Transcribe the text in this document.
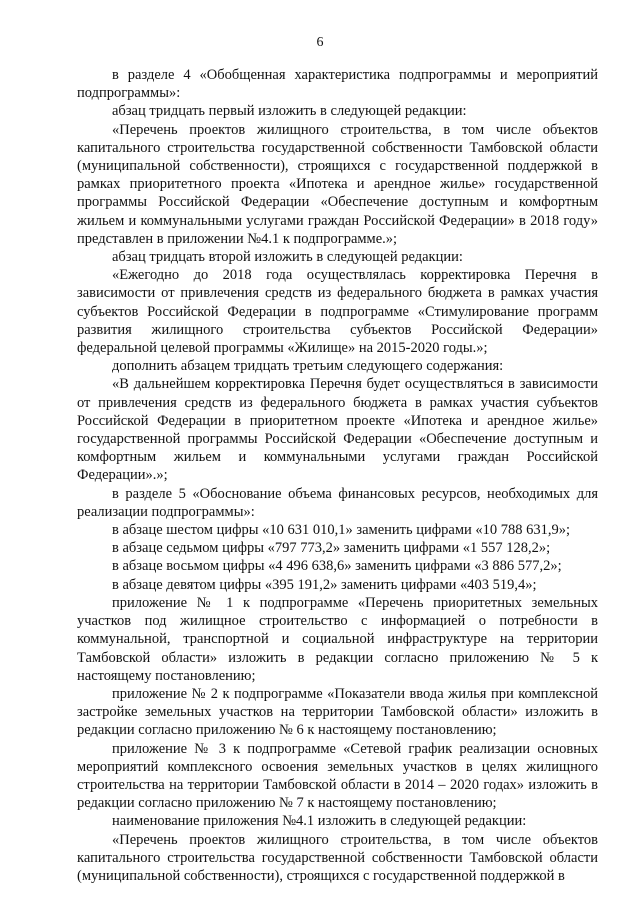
6

в разделе 4 «Обобщенная характеристика подпрограммы и мероприятий подпрограммы»:

абзац тридцать первый изложить в следующей редакции:

«Перечень проектов жилищного строительства, в том числе объектов капитального строительства государственной собственности Тамбовской области (муниципальной собственности), строящихся с государственной поддержкой в рамках приоритетного проекта «Ипотека и арендное жилье» государственной программы Российской Федерации «Обеспечение доступным и комфортным жильем и коммунальными услугами граждан Российской Федерации» в 2018 году» представлен в приложении №4.1 к подпрограмме.»;

абзац тридцать второй изложить в следующей редакции:

«Ежегодно до 2018 года осуществлялась корректировка Перечня в зависимости от привлечения средств из федерального бюджета в рамках участия субъектов Российской Федерации в подпрограмме «Стимулирование программ развития жилищного строительства субъектов Российской Федерации» федеральной целевой программы «Жилище» на 2015-2020 годы.»;

дополнить абзацем тридцать третьим следующего содержания:

«В дальнейшем корректировка Перечня будет осуществляться в зависимости от привлечения средств из федерального бюджета в рамках участия субъектов Российской Федерации в приоритетном проекте «Ипотека и арендное жилье» государственной программы Российской Федерации «Обеспечение доступным и комфортным жильем и коммунальными услугами граждан Российской Федерации».»;

в разделе 5 «Обоснование объема финансовых ресурсов, необходимых для реализации подпрограммы»:

в абзаце шестом цифры «10 631 010,1» заменить цифрами «10 788 631,9»;

в абзаце седьмом цифры «797 773,2» заменить цифрами «1 557 128,2»;

в абзаце восьмом цифры «4 496 638,6» заменить цифрами «3 886 577,2»;

в абзаце девятом цифры «395 191,2» заменить цифрами «403 519,4»;

приложение № 1 к подпрограмме «Перечень приоритетных земельных участков под жилищное строительство с информацией о потребности в коммунальной, транспортной и социальной инфраструктуре на территории Тамбовской области» изложить в редакции согласно приложению № 5 к настоящему постановлению;

приложение № 2 к подпрограмме «Показатели ввода жилья при комплексной застройке земельных участков на территории Тамбовской области» изложить в редакции согласно приложению № 6 к настоящему постановлению;

приложение № 3 к подпрограмме «Сетевой график реализации основных мероприятий комплексного освоения земельных участков в целях жилищного строительства на территории Тамбовской области в 2014 – 2020 годах» изложить в редакции согласно приложению № 7 к настоящему постановлению;

наименование приложения №4.1 изложить в следующей редакции:

«Перечень проектов жилищного строительства, в том числе объектов капитального строительства государственной собственности Тамбовской области (муниципальной собственности), строящихся с государственной поддержкой в
